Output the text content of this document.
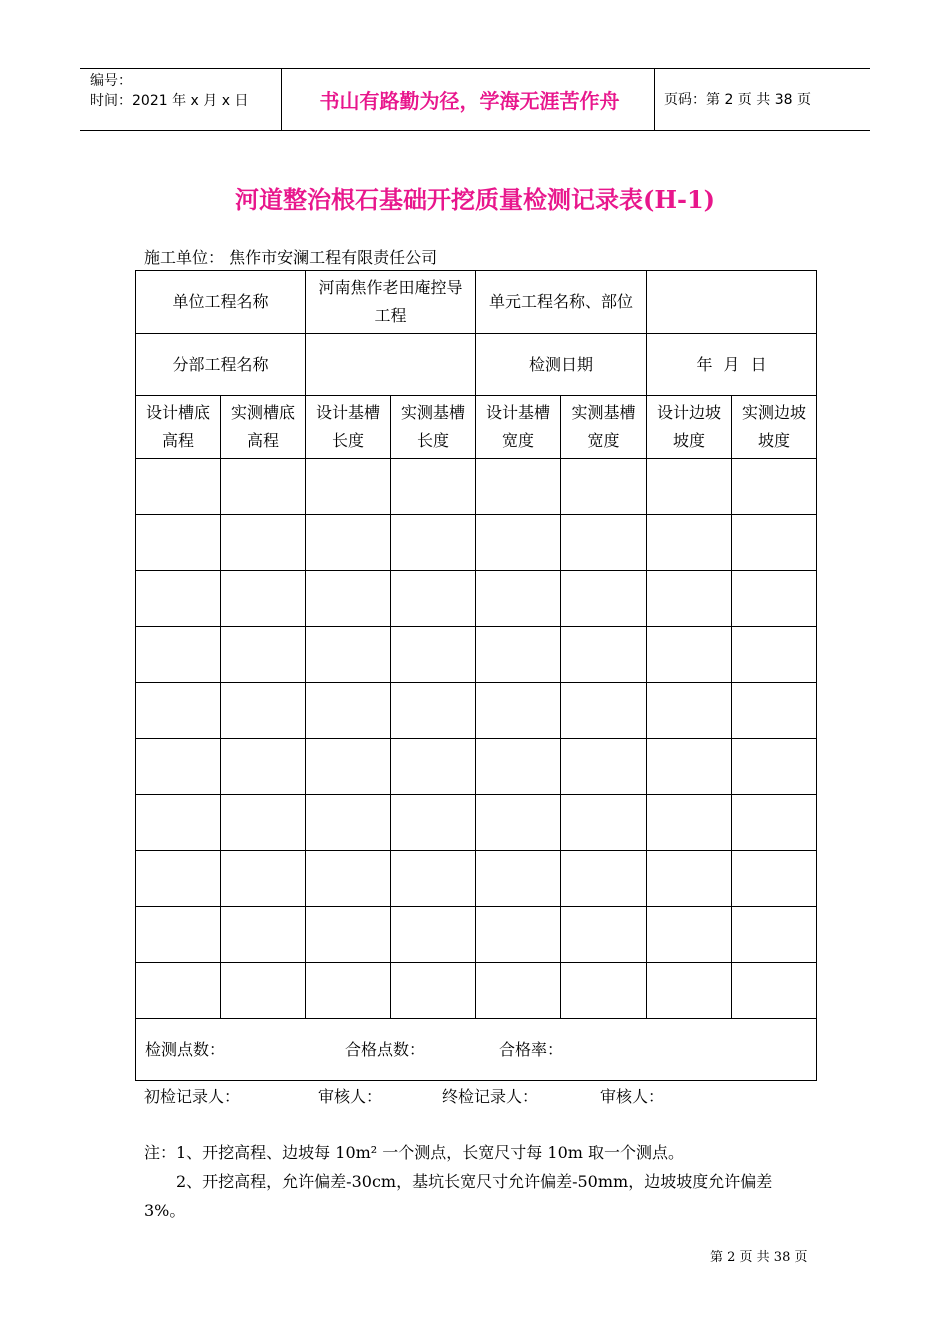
编号：
时间：2021 年 x 月 x 日	书山有路勤为径，学海无涯苦作舟	页码：第 2 页 共 38 页
河道整治根石基础开挖质量检测记录表(H-1)
施工单位： 焦作市安澜工程有限责任公司
单位工程名称		河南焦作老田庵控导工程		单元工程名称、部位			
分部工程名称				检测日期		年 月 日	
设计槽底高程	实测槽底高程	设计基槽长度	实测基槽长度	设计基槽宽度	实测基槽宽度	设计边坡坡度	实测边坡坡度

检测点数： 合格点数： 合格率：							
初检记录人：	审核人：	终检记录人：	审核人：

注：1、开挖高程、边坡每 10m² 一个测点，长宽尺寸每 10m 取一个测点。

2、开挖高程，允许偏差-30cm，基坑长宽尺寸允许偏差-50mm，边坡坡度允许偏差 3%。

第 2 页 共 38 页
